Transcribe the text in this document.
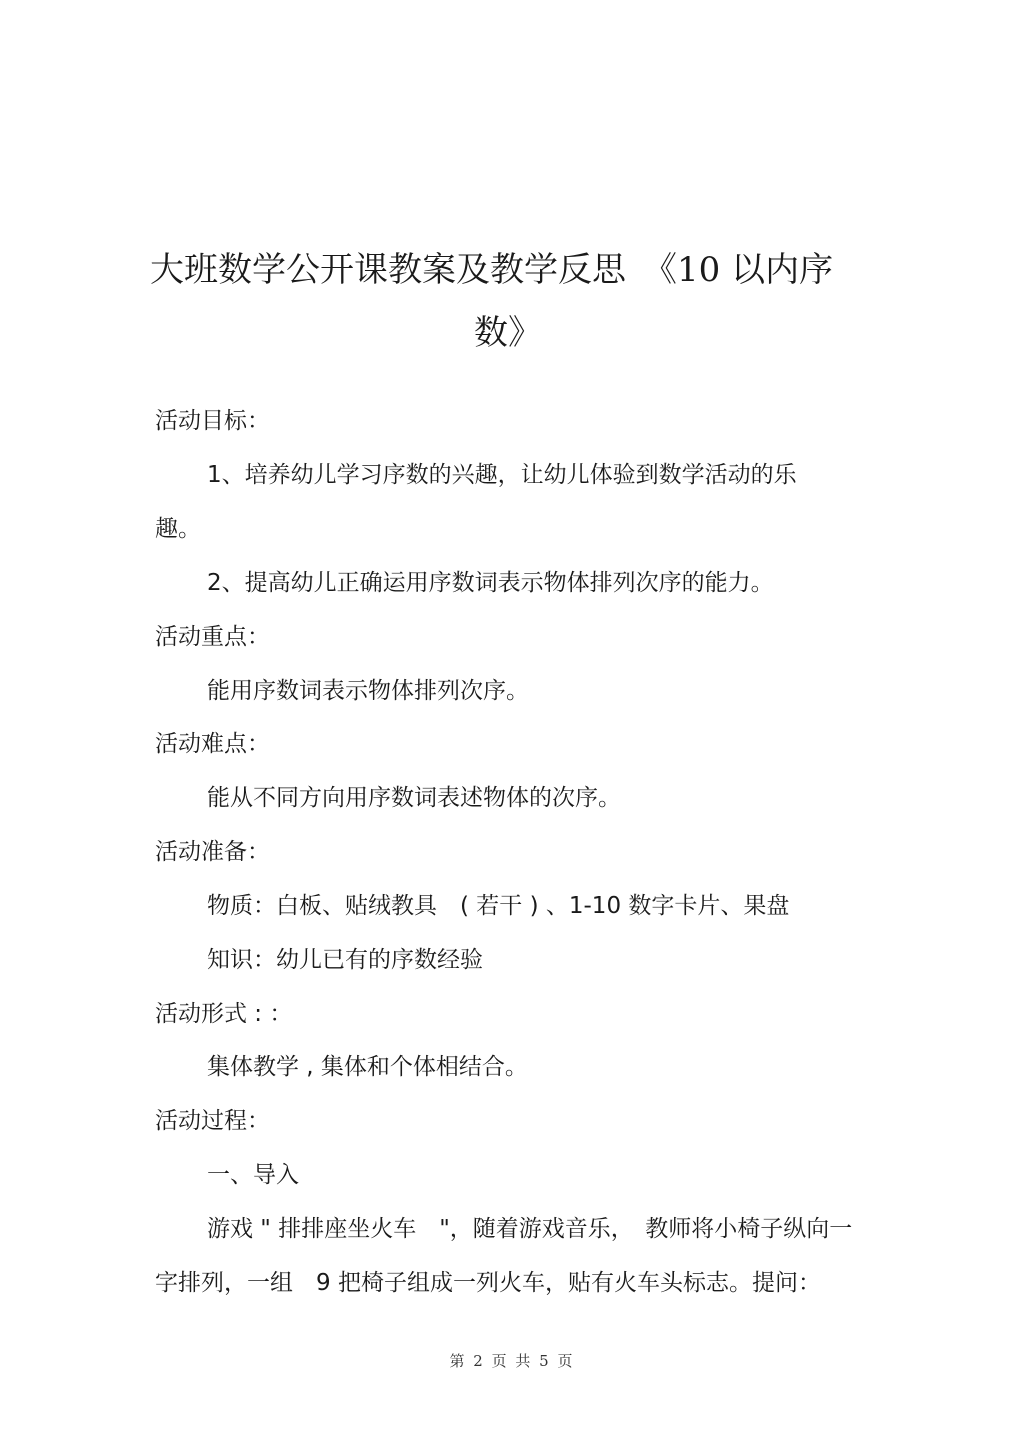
大班数学公开课教案及教学反思　《10 以内序
数》
活动目标：
1、培养幼儿学习序数的兴趣，让幼儿体验到数学活动的乐
趣。
2、提高幼儿正确运用序数词表示物体排列次序的能力。
活动重点：
能用序数词表示物体排列次序。
活动难点：
能从不同方向用序数词表述物体的次序。
活动准备：
物质：白板、贴绒教具　( 若干 ) 、1-10 数字卡片、果盘
知识：幼儿已有的序数经验
活动形式 : ：
集体教学 , 集体和个体相结合。
活动过程：
一、导入
游戏 " 排排座坐火车　"，随着游戏音乐，　教师将小椅子纵向一
字排列，一组　9 把椅子组成一列火车，贴有火车头标志。提问：
第 2 页 共 5 页
